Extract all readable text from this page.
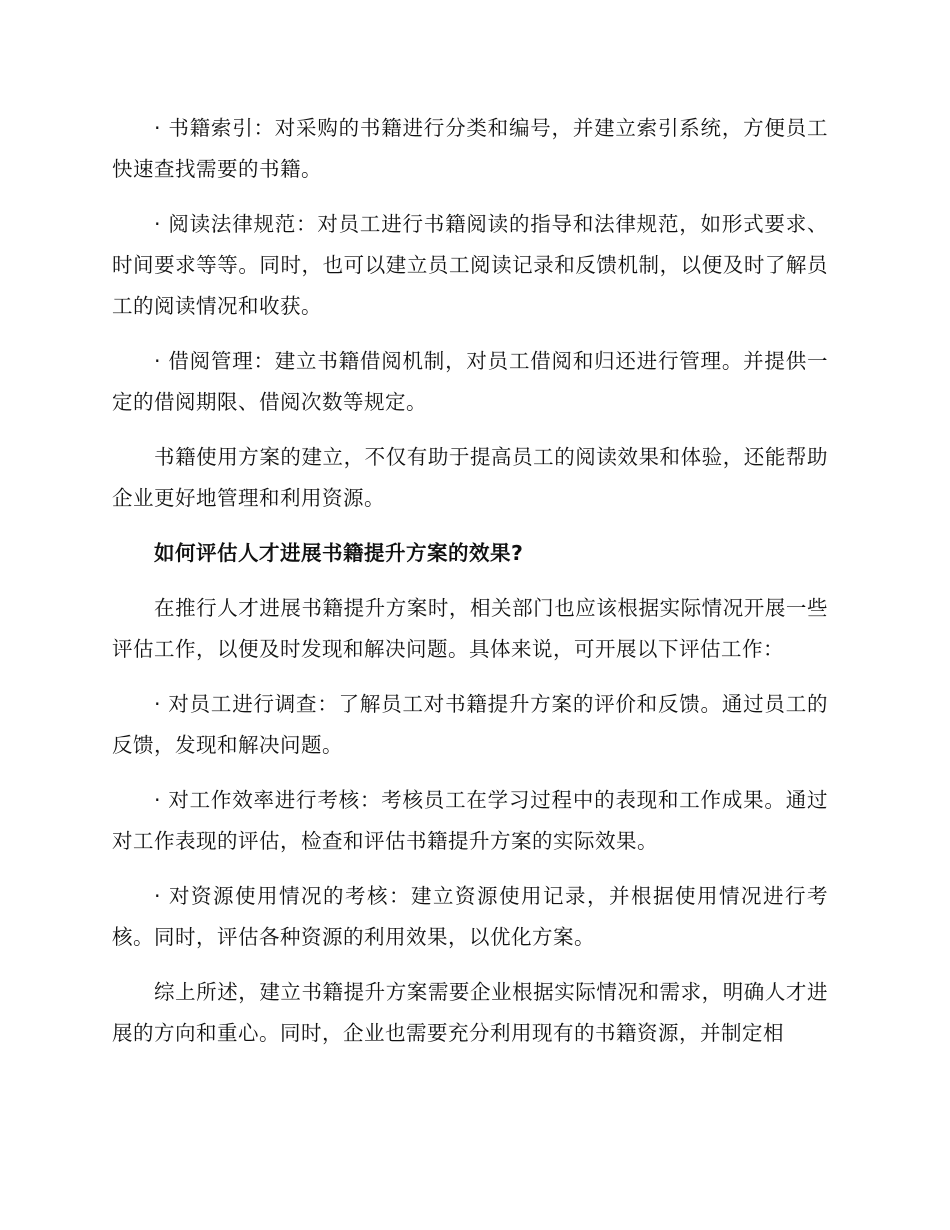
· 书籍索引：对采购的书籍进行分类和编号，并建立索引系统，方便员工快速查找需要的书籍。

· 阅读法律规范：对员工进行书籍阅读的指导和法律规范，如形式要求、时间要求等等。同时，也可以建立员工阅读记录和反馈机制，以便及时了解员工的阅读情况和收获。

· 借阅管理：建立书籍借阅机制，对员工借阅和归还进行管理。并提供一定的借阅期限、借阅次数等规定。

书籍使用方案的建立，不仅有助于提高员工的阅读效果和体验，还能帮助企业更好地管理和利用资源。

如何评估人才进展书籍提升方案的效果?

在推行人才进展书籍提升方案时，相关部门也应该根据实际情况开展一些评估工作，以便及时发现和解决问题。具体来说，可开展以下评估工作：

· 对员工进行调查：了解员工对书籍提升方案的评价和反馈。通过员工的反馈，发现和解决问题。

· 对工作效率进行考核：考核员工在学习过程中的表现和工作成果。通过对工作表现的评估，检查和评估书籍提升方案的实际效果。

· 对资源使用情况的考核：建立资源使用记录，并根据使用情况进行考核。同时，评估各种资源的利用效果，以优化方案。

综上所述，建立书籍提升方案需要企业根据实际情况和需求，明确人才进展的方向和重心。同时，企业也需要充分利用现有的书籍资源，并制定相
